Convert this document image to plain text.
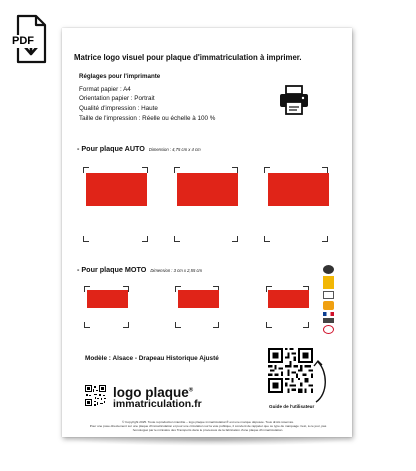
PDF
Matrice logo visuel pour plaque d'immatriculation à imprimer.
Réglages pour l'imprimante
Format papier : A4
Orientation papier : Portrait
Qualité d'impression : Haute
Taille de l'impression : Réelle ou échelle à 100 %
- Pour plaque AUTO Dimension : 4,75 cm x 4 cm
- Pour plaque MOTO Dimension : 3 cm x 2,55 cm
Modèle : Alsace - Drapeau Historique Ajusté
Guide de l'utilisateur
logo plaque®
immatriculation.fr
© Copyright 2025. Toute reproduction interdite – logo plaque immatriculation® est une marque déposée. Tous droits réservés.
Pour une pose directement sur une plaque d'immatriculation et pour une circulation sur la voie publique, il convient de rappeler que ce type de marquage n'est, à ce jour, pas
homologué par le ministère des Transports dans le processus de la fabrication d'une plaque d'immatriculation.
